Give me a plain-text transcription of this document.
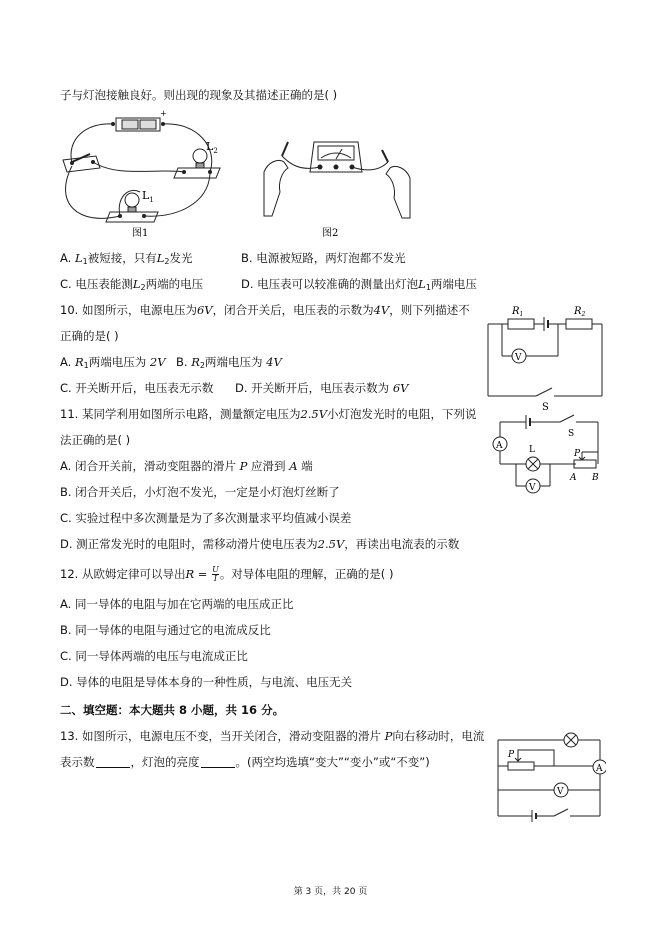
子与灯泡接触良好。则出现的现象及其描述正确的是( )
+
$L_2$
$L_1$
图1	图2
A. $L_1$被短接，只有$L_2$发光	B. 电源被短路，两灯泡都不发光
C. 电压表能测$L_2$两端的电压	D. 电压表可以较准确的测量出灯泡$L_1$两端电压
10. 如图所示，电源电压为6V，闭合开关后，电压表的示数为4V，则下列描述不
正确的是( )
A. $R_1$两端电压为 2V B. $R_2$两端电压为 4V
C. 开关断开后，电压表无示数 D. 开关断开后，电压表示数为 6V
V
$R_1$	$R_2$
S
11. 某同学利用如图所示电路，测量额定电压为2.5V小灯泡发光时的电阻，下列说
法正确的是( )
A. 闭合开关前，滑动变阻器的滑片 P 应滑到 A 端
B. 闭合开关后，小灯泡不发光，一定是小灯泡灯丝断了
C. 实验过程中多次测量是为了多次测量求平均值减小误差
D. 测正常发光时的电阻时，需移动滑片使电压表为2.5V，再读出电流表的示数
A	L
V
S
P
A B
12. 从欧姆定律可以导出$R = \frac{U}{I}$ 。对导体电阻的理解，正确的是( )
A. 同一导体的电阻与加在它两端的电压成正比
B. 同一导体的电阻与通过它的电流成反比
C. 同一导体两端的电压与电流成正比
D. 导体的电阻是导体本身的一种性质，与电流、电压无关
二、填空题：本大题共 8 小题，共 16 分。
13. 如图所示，电源电压不变，当开关闭合，滑动变阻器的滑片 P向右移动时，电流
表示数	，灯泡的亮度	。(两空均选填“变大”“变小”或“不变”)	A
V
P
第 3 页，共 20 页
